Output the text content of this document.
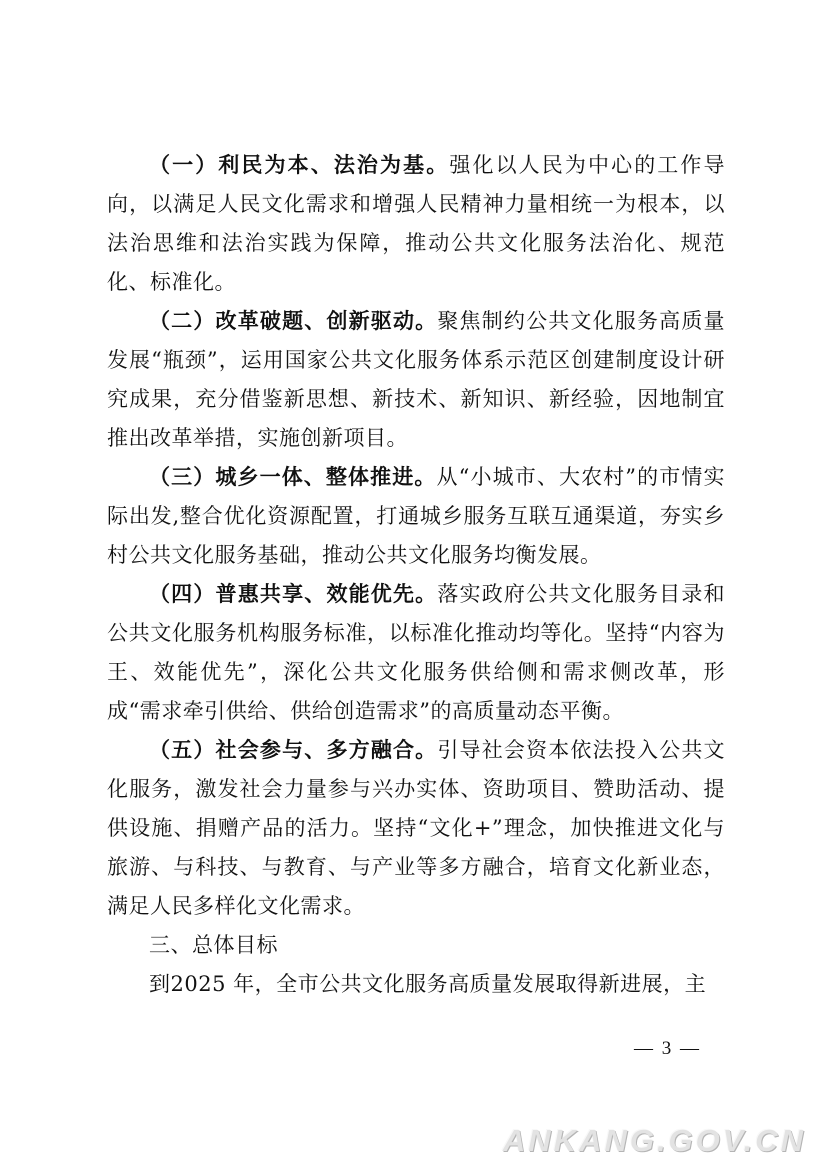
（一）利民为本、法治为基。强化以人民为中心的工作导向，以满足人民文化需求和增强人民精神力量相统一为根本，以法治思维和法治实践为保障，推动公共文化服务法治化、规范化、标准化。

（二）改革破题、创新驱动。聚焦制约公共文化服务高质量发展“瓶颈”，运用国家公共文化服务体系示范区创建制度设计研究成果，充分借鉴新思想、新技术、新知识、新经验，因地制宜推出改革举措，实施创新项目。

（三）城乡一体、整体推进。从“小城市、大农村”的市情实际出发,整合优化资源配置，打通城乡服务互联互通渠道，夯实乡村公共文化服务基础，推动公共文化服务均衡发展。

（四）普惠共享、效能优先。落实政府公共文化服务目录和公共文化服务机构服务标准，以标准化推动均等化。坚持“内容为王、效能优先”，深化公共文化服务供给侧和需求侧改革，形成“需求牵引供给、供给创造需求”的高质量动态平衡。

（五）社会参与、多方融合。引导社会资本依法投入公共文化服务，激发社会力量参与兴办实体、资助项目、赞助活动、提供设施、捐赠产品的活力。坚持“文化+”理念，加快推进文化与旅游、与科技、与教育、与产业等多方融合，培育文化新业态，满足人民多样化文化需求。

三、总体目标

到2025 年，全市公共文化服务高质量发展取得新进展，主

— 3 —
ANKANG.GOV.CN
